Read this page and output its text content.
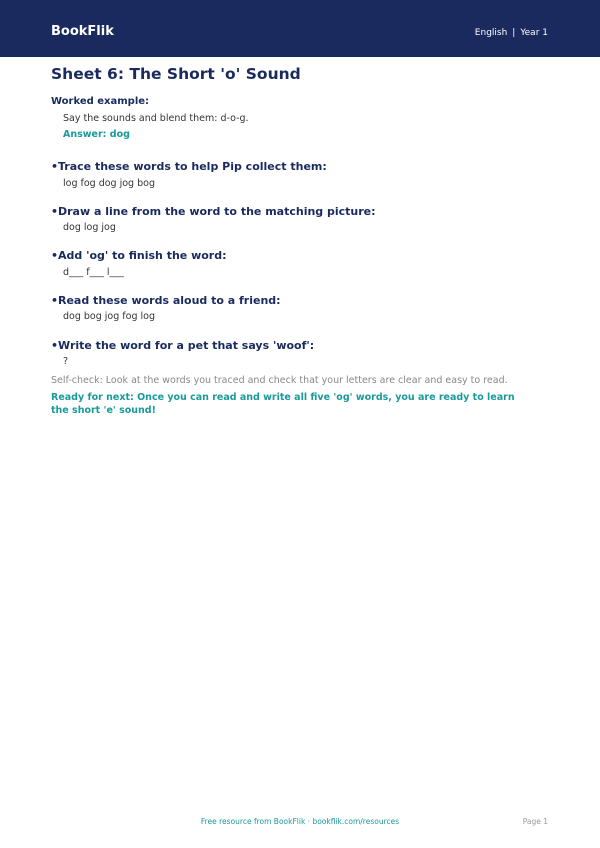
BookFlik	English | Year 1
Sheet 6: The Short 'o' Sound
Worked example:
Say the sounds and blend them: d-o-g.
Answer: dog
•Trace these words to help Pip collect them:
log fog dog jog bog
•Draw a line from the word to the matching picture:
dog log jog
•Add 'og' to finish the word:
d___ f___ l___
•Read these words aloud to a friend:
dog bog jog fog log
•Write the word for a pet that says 'woof':
?
Self-check: Look at the words you traced and check that your letters are clear and easy to read.
Ready for next: Once you can read and write all five 'og' words, you are ready to learn the short 'e' sound!
Free resource from BookFlik · bookflik.com/resources	Page 1
